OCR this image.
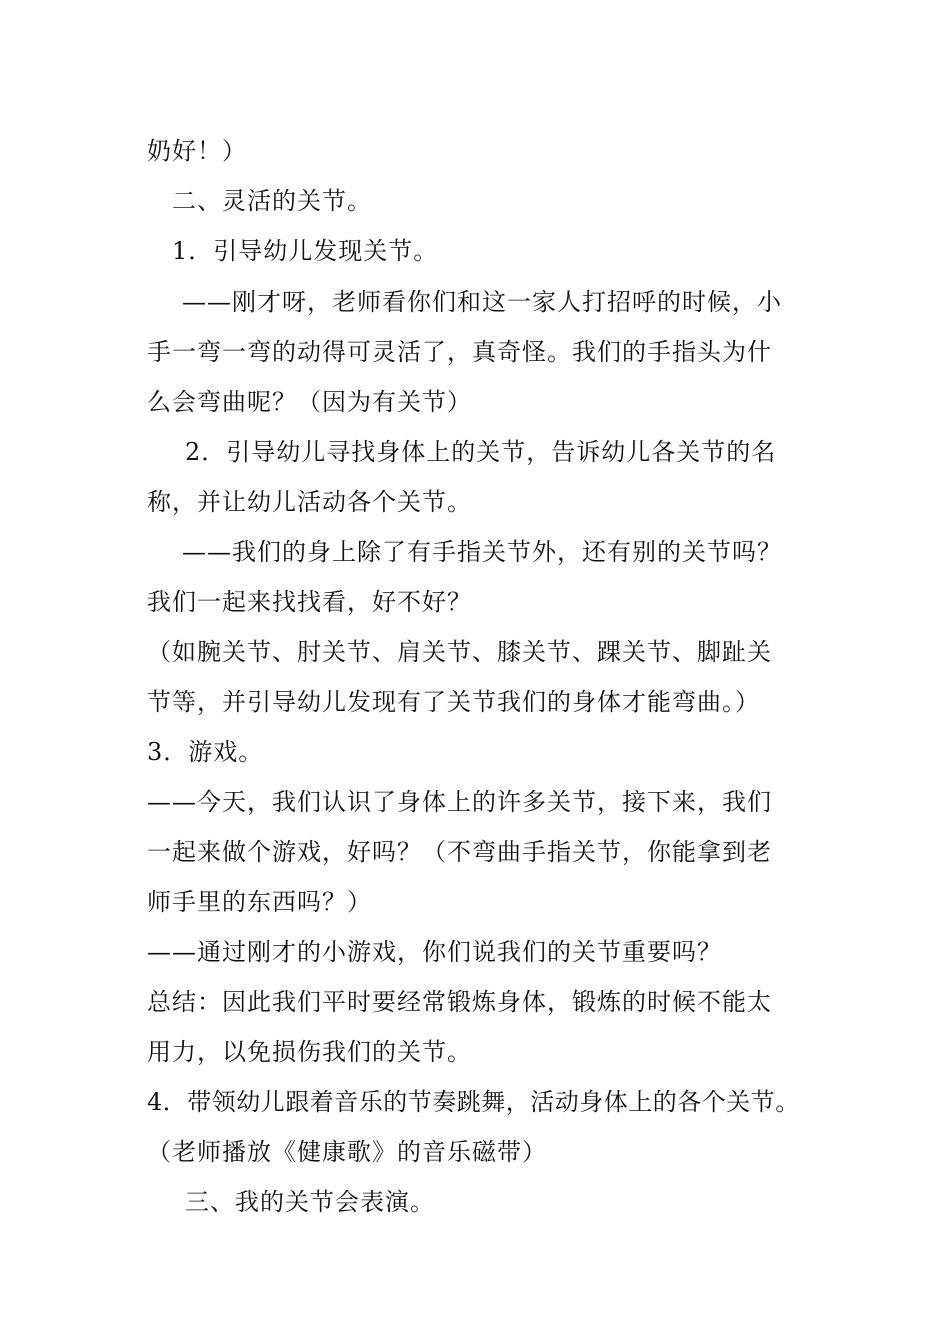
奶好！）
二、灵活的关节。
1．引导幼儿发现关节。
——刚才呀，老师看你们和这一家人打招呼的时候，小
手一弯一弯的动得可灵活了，真奇怪。我们的手指头为什
么会弯曲呢？（因为有关节）
2．引导幼儿寻找身体上的关节，告诉幼儿各关节的名
称，并让幼儿活动各个关节。
——我们的身上除了有手指关节外，还有别的关节吗？
我们一起来找找看，好不好？
（如腕关节、肘关节、肩关节、膝关节、踝关节、脚趾关
节等，并引导幼儿发现有了关节我们的身体才能弯曲。）
3．游戏。
——今天，我们认识了身体上的许多关节，接下来，我们
一起来做个游戏，好吗？（不弯曲手指关节，你能拿到老
师手里的东西吗？）
——通过刚才的小游戏，你们说我们的关节重要吗？
总结：因此我们平时要经常锻炼身体，锻炼的时候不能太
用力，以免损伤我们的关节。
4．带领幼儿跟着音乐的节奏跳舞，活动身体上的各个关节。
（老师播放《健康歌》的音乐磁带）
三、我的关节会表演。
